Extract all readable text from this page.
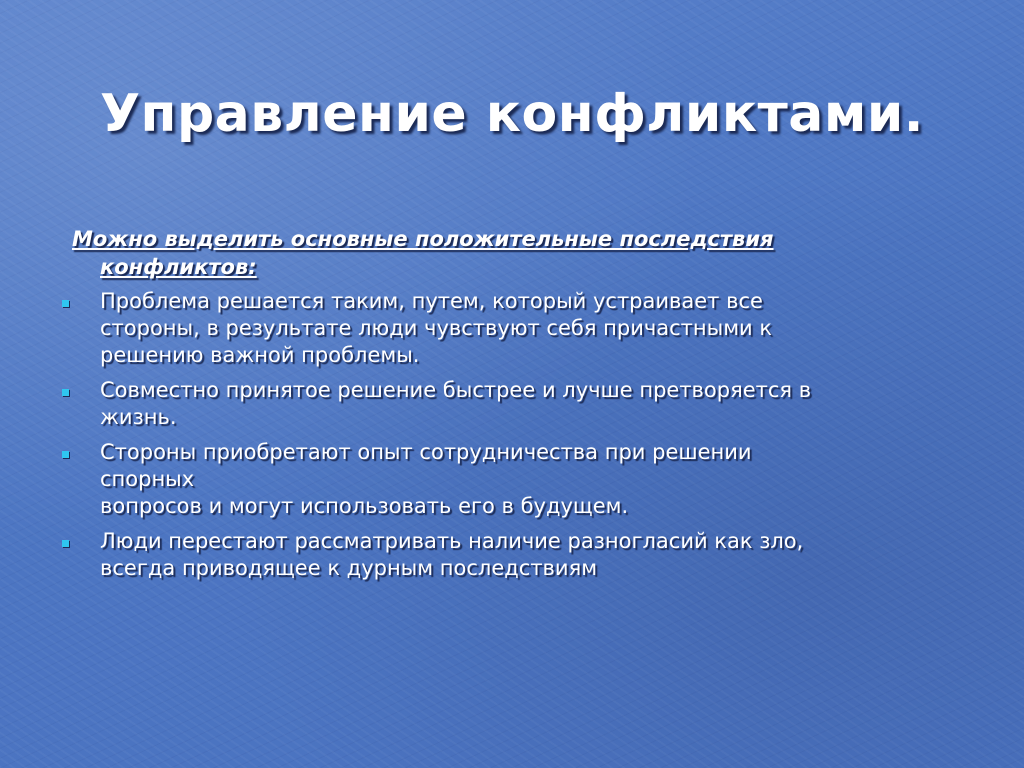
Управление конфликтами.
Можно выделить основные положительные последствия
конфликтов:
Проблема решается таким, путем, который устраивает все
стороны, в результате люди чувствуют себя причастными к
решению важной проблемы.
Совместно принятое решение быстрее и лучше претворяется в
жизнь.
Стороны приобретают опыт сотрудничества при решении
спорных
вопросов и могут использовать его в будущем.
Люди перестают рассматривать наличие разногласий как зло,
всегда приводящее к дурным последствиям
